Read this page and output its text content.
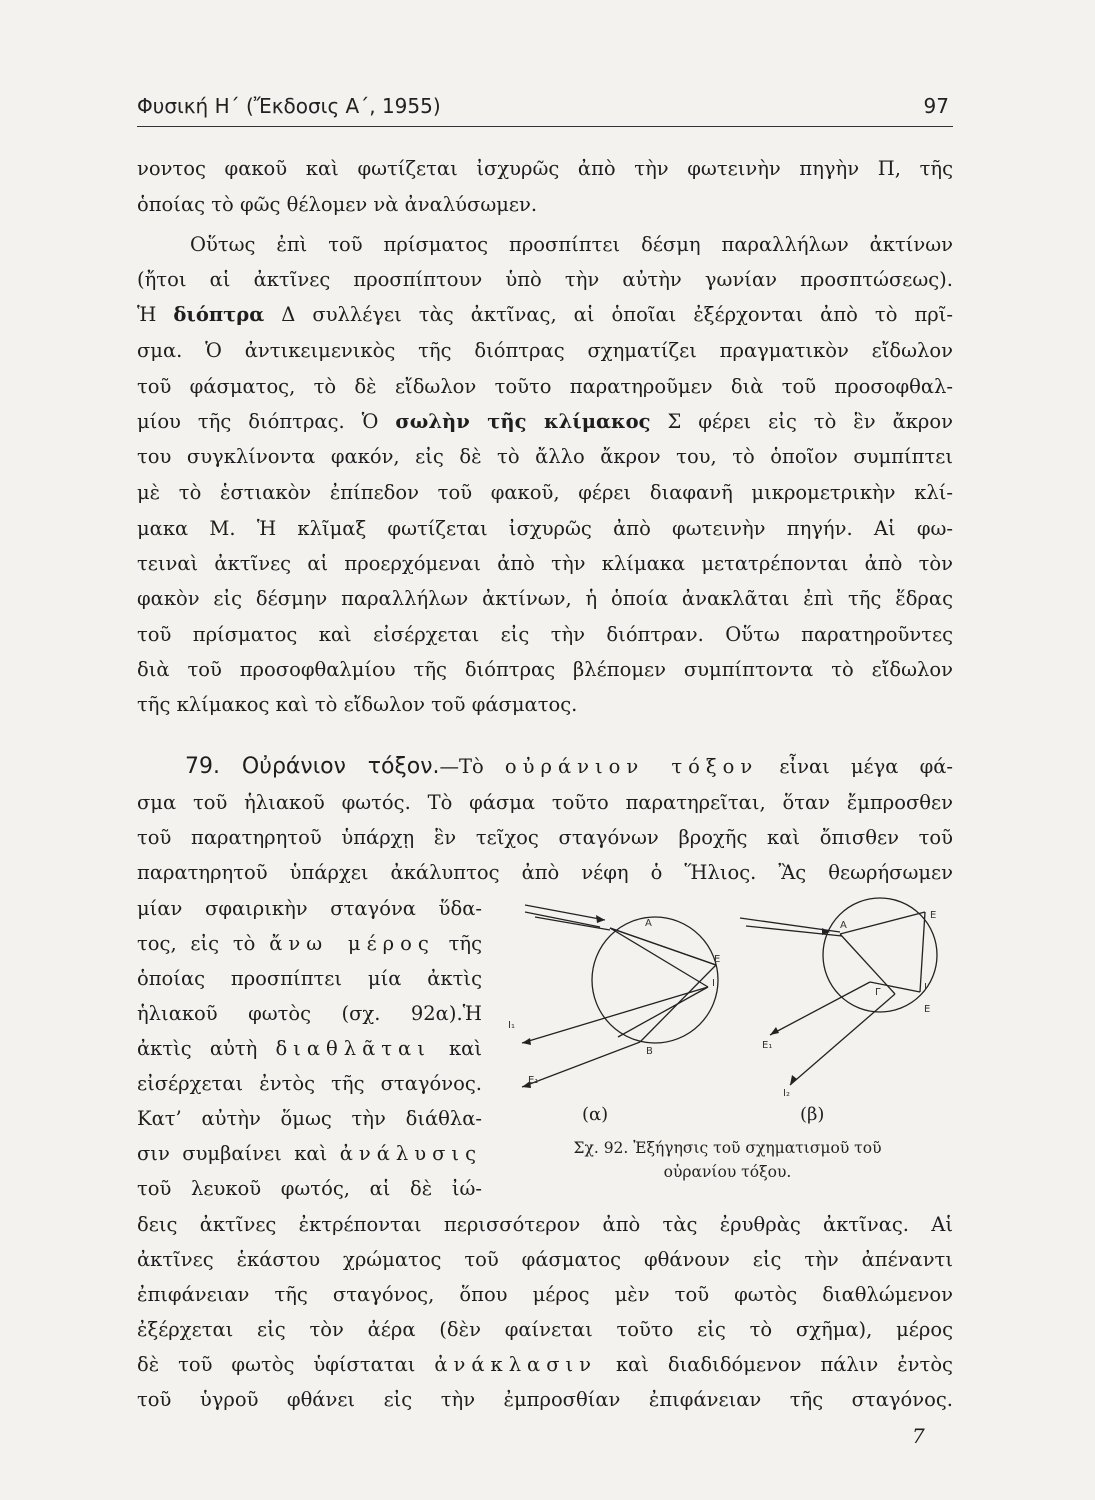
Φυσική Η΄ (Ἔκδοσις Α΄, 1955)	97
νοντος φακοῦ καὶ φωτίζεται ἰσχυρῶς ἀπὸ τὴν φωτεινὴν πηγὴν Π, τῆς
ὁποίας τὸ φῶς θέλομεν νὰ ἀναλύσωμεν.
Οὕτως ἐπὶ τοῦ πρίσματος προσπίπτει δέσμη παραλλήλων ἀκτίνων
(ἤτοι αἱ ἀκτῖνες προσπίπτουν ὑπὸ τὴν αὐτὴν γωνίαν προσπτώσεως).
Ἡ διόπτρα Δ συλλέγει τὰς ἀκτῖνας, αἱ ὁποῖαι ἐξέρχονται ἀπὸ τὸ πρῖ-
σμα. Ὁ ἀντικειμενικὸς τῆς διόπτρας σχηματίζει πραγματικὸν εἴδωλον
τοῦ φάσματος, τὸ δὲ εἴδωλον τοῦτο παρατηροῦμεν διὰ τοῦ προσοφθαλ-
μίου τῆς διόπτρας. Ὁ σωλὴν τῆς κλίμακος Σ φέρει εἰς τὸ ἓν ἄκρον
του συγκλίνοντα φακόν, εἰς δὲ τὸ ἄλλο ἄκρον του, τὸ ὁποῖον συμπίπτει
μὲ τὸ ἑστιακὸν ἐπίπεδον τοῦ φακοῦ, φέρει διαφανῆ μικρομετρικὴν κλί-
μακα Μ. Ἡ κλῖμαξ φωτίζεται ἰσχυρῶς ἀπὸ φωτεινὴν πηγήν. Αἱ φω-
τειναὶ ἀκτῖνες αἱ προερχόμεναι ἀπὸ τὴν κλίμακα μετατρέπονται ἀπὸ τὸν
φακὸν εἰς δέσμην παραλλήλων ἀκτίνων, ἡ ὁποία ἀνακλᾶται ἐπὶ τῆς ἕδρας
τοῦ πρίσματος καὶ εἰσέρχεται εἰς τὴν διόπτραν. Οὕτω παρατηροῦντες
διὰ τοῦ προσοφθαλμίου τῆς διόπτρας βλέπομεν συμπίπτοντα τὸ εἴδωλον
τῆς κλίμακος καὶ τὸ εἴδωλον τοῦ φάσματος.
79. Οὐράνιον τόξον.—Τὸ οὐράνιον τόξον εἶναι μέγα φά-
σμα τοῦ ἡλιακοῦ φωτός. Τὸ φάσμα τοῦτο παρατηρεῖται, ὅταν ἔμπροσθεν
τοῦ παρατηρητοῦ ὑπάρχῃ ἓν τεῖχος σταγόνων βροχῆς καὶ ὄπισθεν τοῦ
παρατηρητοῦ ὑπάρχει ἀκάλυπτος ἀπὸ νέφη ὁ Ἥλιος. Ἂς θεωρήσωμεν
μίαν σφαιρικὴν σταγόνα ὕδα-
τος, εἰς τὸ ἄνω μέρος τῆς
ὁποίας προσπίπτει μία ἀκτὶς
ἡλιακοῦ φωτὸς (σχ. 92α).Ἡ
ἀκτὶς αὐτὴ διαθλᾶται καὶ
εἰσέρχεται ἐντὸς τῆς σταγόνος.
Κατ’ αὐτὴν ὅμως τὴν διάθλα-
σιν συμβαίνει καὶ ἀνάλυσις
τοῦ λευκοῦ φωτός, αἱ δὲ ἰώ-
δεις ἀκτῖνες ἐκτρέπονται περισσότερον ἀπὸ τὰς ἐρυθρὰς ἀκτῖνας. Αἱ
ἀκτῖνες ἑκάστου χρώματος τοῦ φάσματος φθάνουν εἰς τὴν ἀπέναντι
ἐπιφάνειαν τῆς σταγόνος, ὅπου μέρος μὲν τοῦ φωτὸς διαθλώμενον
ἐξέρχεται εἰς τὸν ἀέρα (δὲν φαίνεται τοῦτο εἰς τὸ σχῆμα), μέρος
δὲ τοῦ φωτὸς ὑφίσταται ἀνάκλασιν καὶ διαδιδόμενον πάλιν ἐντὸς
τοῦ ὑγροῦ φθάνει εἰς τὴν ἐμπροσθίαν ἐπιφάνειαν τῆς σταγόνος.
A
E
I
B
I₁
E₁
A
E
I
Γ
E
E₁
I₂
(α)	(β)
Σχ. 92. Ἐξήγησις τοῦ σχηματισμοῦ τοῦ
οὐρανίου τόξου.
7
